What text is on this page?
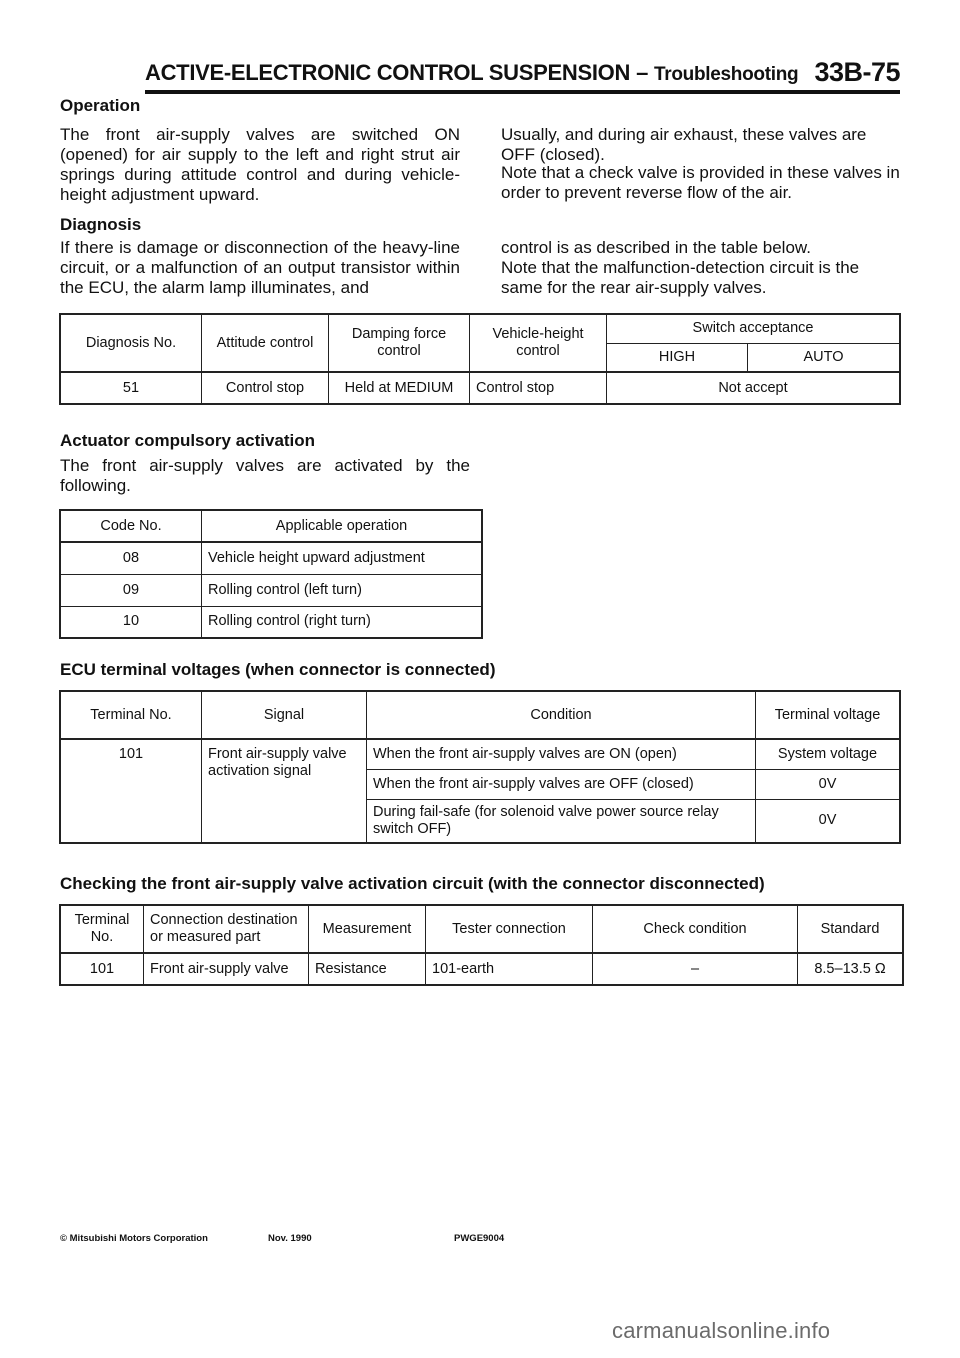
ACTIVE-ELECTRONIC CONTROL SUSPENSION – Troubleshooting 33B-75
Operation

The front air-supply valves are switched ON (opened) for air supply to the left and right strut air springs during attitude control and during vehicle-height adjustment upward.

Usually, and during air exhaust, these valves are OFF (closed).

Note that a check valve is provided in these valves in order to prevent reverse flow of the air.

Diagnosis

If there is damage or disconnection of the heavy-line circuit, or a malfunction of an output transistor within the ECU, the alarm lamp illuminates, and

control is as described in the table below.

Note that the malfunction-detection circuit is the same for the rear air-supply valves.

Diagnosis No.	Attitude control	Damping force control	Vehicle-height control	Switch acceptance	
				HIGH	AUTO
51	Control stop	Held at MEDIUM	Control stop	Not accept	
Actuator compulsory activation

The front air-supply valves are activated by the following.

Code No.	Applicable operation
08	Vehicle height upward adjustment
09	Rolling control (left turn)
10	Rolling control (right turn)
ECU terminal voltages (when connector is connected)
Terminal No.	Signal	Condition	Terminal voltage
101	Front air-supply valve activation signal	When the front air-supply valves are ON (open)	System voltage
		When the front air-supply valves are OFF (closed)	0V
		During fail-safe (for solenoid valve power source relay switch OFF)	0V
Checking the front air-supply valve activation circuit (with the connector disconnected)
Terminal No.	Connection destination or measured part	Measurement	Tester connection	Check condition	Standard
101	Front air-supply valve	Resistance	101-earth	–	8.5–13.5 Ω
© Mitsubishi Motors Corporation	Nov. 1990	PWGE9004
carmanualsonline.info
